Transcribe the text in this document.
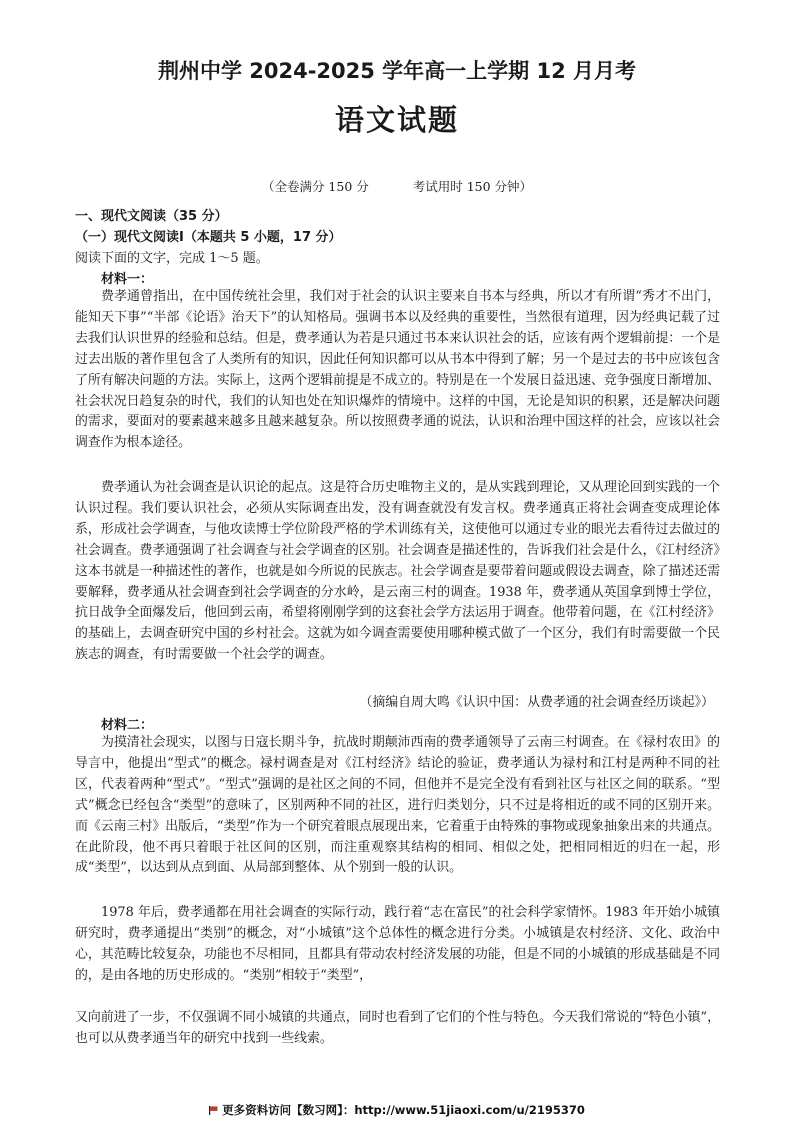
荆州中学 2024-2025 学年高一上学期 12 月月考
语文试题
（全卷满分 150 分	考试用时 150 分钟）
一、现代文阅读（35 分）
（一）现代文阅读Ⅰ（本题共 5 小题，17 分）
阅读下面的文字，完成 1～5 题。
材料一：

费孝通曾指出，在中国传统社会里，我们对于社会的认识主要来自书本与经典，所以才有所谓“秀才不出门，能知天下事”“半部《论语》治天下”的认知格局。强调书本以及经典的重要性，当然很有道理，因为经典记载了过去我们认识世界的经验和总结。但是，费孝通认为若是只通过书本来认识社会的话，应该有两个逻辑前提：一个是过去出版的著作里包含了人类所有的知识，因此任何知识都可以从书本中得到了解；另一个是过去的书中应该包含了所有解决问题的方法。实际上，这两个逻辑前提是不成立的。特别是在一个发展日益迅速、竞争强度日渐增加、社会状况日趋复杂的时代，我们的认知也处在知识爆炸的情境中。这样的中国，无论是知识的积累，还是解决问题的需求，要面对的要素越来越多且越来越复杂。所以按照费孝通的说法，认识和治理中国这样的社会，应该以社会调查作为根本途径。

费孝通认为社会调查是认识论的起点。这是符合历史唯物主义的，是从实践到理论，又从理论回到实践的一个认识过程。我们要认识社会，必须从实际调查出发，没有调查就没有发言权。费孝通真正将社会调查变成理论体系，形成社会学调查，与他攻读博士学位阶段严格的学术训练有关，这使他可以通过专业的眼光去看待过去做过的社会调查。费孝通强调了社会调查与社会学调查的区别。社会调查是描述性的，告诉我们社会是什么，《江村经济》这本书就是一种描述性的著作，也就是如今所说的民族志。社会学调查是要带着问题或假设去调查，除了描述还需要解释，费孝通从社会调查到社会学调查的分水岭，是云南三村的调查。1938 年，费孝通从英国拿到博士学位，抗日战争全面爆发后，他回到云南，希望将刚刚学到的这套社会学方法运用于调查。他带着问题，在《江村经济》的基础上，去调查研究中国的乡村社会。这就为如今调查需要使用哪种模式做了一个区分，我们有时需要做一个民族志的调查，有时需要做一个社会学的调查。

（摘编自周大鸣《认识中国：从费孝通的社会调查经历谈起》）
材料二：

为摸清社会现实，以图与日寇长期斗争，抗战时期颠沛西南的费孝通领导了云南三村调查。在《禄村农田》的导言中，他提出“型式”的概念。禄村调查是对《江村经济》结论的验证，费孝通认为禄村和江村是两种不同的社区，代表着两种“型式”。“型式”强调的是社区之间的不同，但他并不是完全没有看到社区与社区之间的联系。“型式”概念已经包含“类型”的意味了，区别两种不同的社区，进行归类划分，只不过是将相近的或不同的区别开来。而《云南三村》出版后，“类型”作为一个研究着眼点展现出来，它着重于由特殊的事物或现象抽象出来的共通点。在此阶段，他不再只着眼于社区间的区别，而注重观察其结构的相同、相似之处，把相同相近的归在一起，形成“类型”，以达到从点到面、从局部到整体、从个别到一般的认识。

1978 年后，费孝通都在用社会调查的实际行动，践行着“志在富民”的社会科学家情怀。1983 年开始小城镇研究时，费孝通提出“类别”的概念，对“小城镇”这个总体性的概念进行分类。小城镇是农村经济、文化、政治中心，其范畴比较复杂，功能也不尽相同，且都具有带动农村经济发展的功能，但是不同的小城镇的形成基础是不同的，是由各地的历史形成的。“类别”相较于“类型”，

又向前进了一步，不仅强调不同小城镇的共通点，同时也看到了它们的个性与特色。今天我们常说的“特色小镇”，也可以从费孝通当年的研究中找到一些线索。

更多资料访问【数习网】：http://www.51jiaoxi.com/u/2195370
